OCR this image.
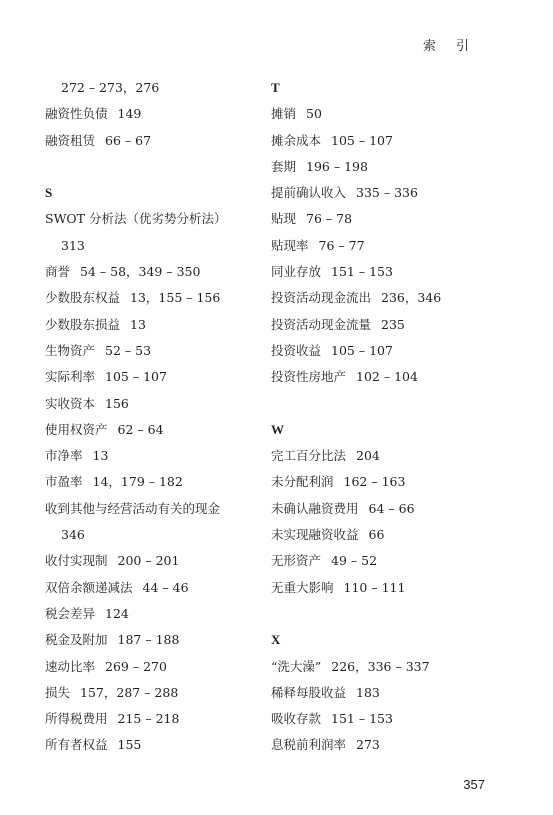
索 引
272 – 273，276
融资性负债 149
融资租赁 66 – 67
S
SWOT 分析法（优劣势分析法）
313
商誉 54 – 58，349 – 350
少数股东权益 13，155 – 156
少数股东损益 13
生物资产 52 – 53
实际利率 105 – 107
实收资本 156
使用权资产 62 – 64
市净率 13
市盈率 14，179 – 182
收到其他与经营活动有关的现金
346
收付实现制 200 – 201
双倍余额递减法 44 – 46
税会差异 124
税金及附加 187 – 188
速动比率 269 – 270
损失 157，287 – 288
所得税费用 215 – 218
所有者权益 155
T
摊销 50
摊余成本 105 – 107
套期 196 – 198
提前确认收入 335 – 336
贴现 76 – 78
贴现率 76 – 77
同业存放 151 – 153
投资活动现金流出 236，346
投资活动现金流量 235
投资收益 105 – 107
投资性房地产 102 – 104
W
完工百分比法 204
未分配利润 162 – 163
未确认融资费用 64 – 66
未实现融资收益 66
无形资产 49 – 52
无重大影响 110 – 111
X
“洗大澡” 226，336 – 337
稀释每股收益 183
吸收存款 151 – 153
息税前利润率 273
357
